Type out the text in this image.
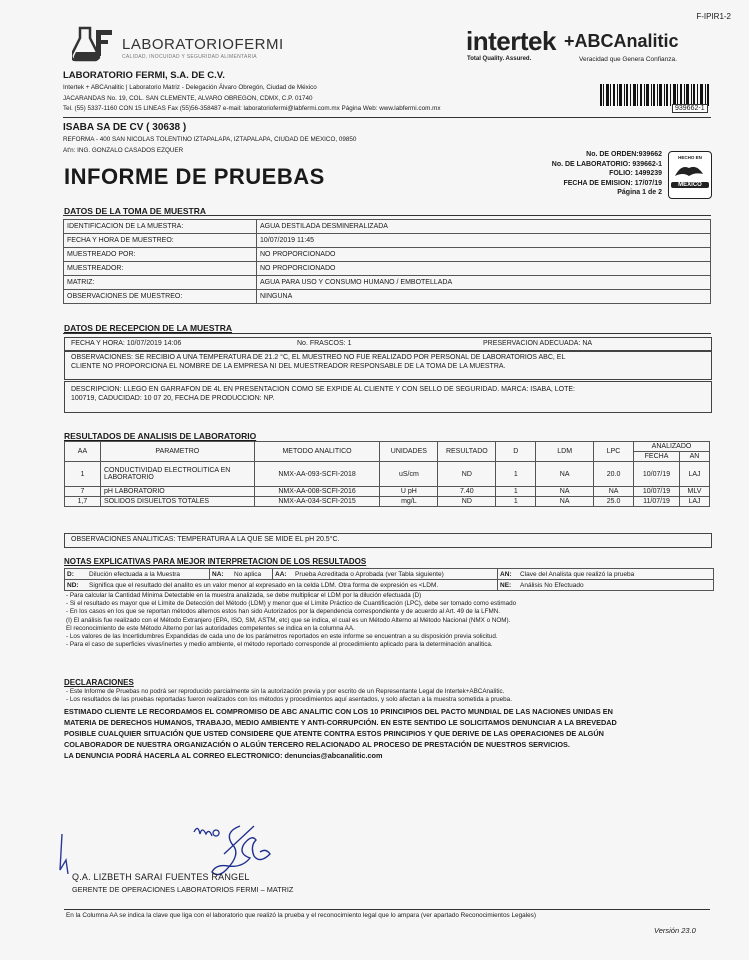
F-IPIR1-2
LABORATORIOFERMI
CALIDAD, INOCUIDAD Y SEGURIDAD ALIMENTARIA
intertek +ABCAnalitic
Total Quality. Assured.	Veracidad que Genera Confianza.
LABORATORIO FERMI, S.A. DE C.V.
Intertek + ABCAnalitic | Laboratorio Matriz - Delegación Álvaro Obregón, Ciudad de México
JACARANDAS No. 19, COL. SAN CLEMENTE, ALVARO OBREGON, CDMX, C.P. 01740
Tel. (55) 5337-1160 CON 15 LINEAS Fax (55)56-358487 e-mail: laboratoriofermi@labfermi.com.mx Página Web: www.labfermi.com.mx	939662-1
ISABA SA DE CV ( 30638 )
REFORMA - 400 SAN NICOLAS TOLENTINO IZTAPALAPA, IZTAPALAPA, CIUDAD DE MEXICO, 09850
At'n: ING. GONZALO CASADOS EZQUER
INFORME DE PRUEBAS
No. DE ORDEN:939662
No. DE LABORATORIO: 939662-1
FOLIO: 1499239
FECHA DE EMISION: 17/07/19
Página 1 de 2
HECHO EN
MÉXICO
DATOS DE LA TOMA DE MUESTRA
IDENTIFICACION DE LA MUESTRA:	AGUA DESTILADA DESMINERALIZADA
FECHA Y HORA DE MUESTREO:	10/07/2019 11:45
MUESTREADO POR:	NO PROPORCIONADO
MUESTREADOR:	NO PROPORCIONADO
MATRIZ:	AGUA PARA USO Y CONSUMO HUMANO / EMBOTELLADA
OBSERVACIONES DE MUESTREO:	NINGUNA
DATOS DE RECEPCION DE LA MUESTRA
FECHA Y HORA: 10/07/2019 14:06	No. FRASCOS: 1	PRESERVACION ADECUADA: NA
OBSERVACIONES: SE RECIBIO A UNA TEMPERATURA DE 21.2 °C, EL MUESTREO NO FUE REALIZADO POR PERSONAL DE LABORATORIOS ABC, EL
CLIENTE NO PROPORCIONA EL NOMBRE DE LA EMPRESA NI DEL MUESTREADOR RESPONSABLE DE LA TOMA DE LA MUESTRA.
DESCRIPCION: LLEGO EN GARRAFON DE 4L EN PRESENTACION COMO SE EXPIDE AL CLIENTE Y CON SELLO DE SEGURIDAD. MARCA: ISABA, LOTE:
100719, CADUCIDAD: 10 07 20, FECHA DE PRODUCCION: NP.
RESULTADOS DE ANALISIS DE LABORATORIO
AA	PARAMETRO	METODO ANALITICO	UNIDADES	RESULTADO	D	LDM	LPC	ANALIZADO	
								FECHA	AN
1	CONDUCTIVIDAD ELECTROLITICA EN LABORATORIO	NMX-AA-093-SCFI-2018	uS/cm	ND	1	NA	20.0	10/07/19	LAJ
7	pH LABORATORIO	NMX-AA-008-SCFI-2016	U pH	7.40	1	NA	NA	10/07/19	MLV
1,7	SOLIDOS DISUELTOS TOTALES	NMX-AA-034-SCFI-2015	mg/L	ND	1	NA	25.0	11/07/19	LAJ
OBSERVACIONES ANALITICAS: TEMPERATURA A LA QUE SE MIDE EL pH 20.5°C.
NOTAS EXPLICATIVAS PARA MEJOR INTERPRETACION DE LOS RESULTADOS
D:	Dilución efectuada a la Muestra	NA:	No aplica	AA:	Prueba Acreditada o Aprobada (ver Tabla siguiente)	AN:	Clave del Analista que realizó la prueba
ND:	Significa que el resultado del analito es un valor menor al expresado en la celda LDM. Otra forma de expresión es <LDM.					NE:	Análisis No Efectuado
- Para calcular la Cantidad Mínima Detectable en la muestra analizada, se debe multiplicar el LDM por la dilución efectuada (D)
- Si el resultado es mayor que el Límite de Detección del Método (LDM) y menor que el Límite Práctico de Cuantificación (LPC), debe ser tomado como estimado
- En los casos en los que se reportan métodos alternos estos han sido Autorizados por la dependencia correspondiente y de acuerdo al Art. 49 de la LFMN.
(I) El análisis fue realizado con el Método Extranjero (EPA, ISO, SM, ASTM, etc) que se indica, el cual es un Método Alterno al Método Nacional (NMX o NOM).
El reconocimiento de este Método Alterno por las autoridades competentes se indica en la columna AA.
- Los valores de las Incertidumbres Expandidas de cada uno de los parámetros reportados en este informe se encuentran a su disposición previa solicitud.
- Para el caso de superficies vivas/inertes y medio ambiente, el método reportado corresponde al procedimiento aplicado para la determinación analítica.
DECLARACIONES
- Este Informe de Pruebas no podrá ser reproducido parcialmente sin la autorización previa y por escrito de un Representante Legal de Intertek+ABCAnalitic.
- Los resultados de las pruebas reportadas fueron realizados con los métodos y procedimientos aquí asentados, y solo afectan a la muestra sometida a prueba.
ESTIMADO CLIENTE LE RECORDAMOS EL COMPROMISO DE ABC ANALITIC CON LOS 10 PRINCIPIOS DEL PACTO MUNDIAL DE LAS NACIONES UNIDAS EN
MATERIA DE DERECHOS HUMANOS, TRABAJO, MEDIO AMBIENTE Y ANTI-CORRUPCIÓN. EN ESTE SENTIDO LE SOLICITAMOS DENUNCIAR A LA BREVEDAD
POSIBLE CUALQUIER SITUACIÓN QUE USTED CONSIDERE QUE ATENTE CONTRA ESTOS PRINCIPIOS Y QUE DERIVE DE LAS OPERACIONES DE ALGÚN
COLABORADOR DE NUESTRA ORGANIZACIÓN O ALGÚN TERCERO RELACIONADO AL PROCESO DE PRESTACIÓN DE NUESTROS SERVICIOS.
LA DENUNCIA PODRÁ HACERLA AL CORREO ELECTRONICO: denuncias@abcanalitic.com
Q.A. LIZBETH SARAI FUENTES RANGEL
GERENTE DE OPERACIONES LABORATORIOS FERMI – MATRIZ
En la Columna AA se indica la clave que liga con el laboratorio que realizó la prueba y el reconocimiento legal que lo ampara (ver apartado Reconocimientos Legales)
Versión 23.0
